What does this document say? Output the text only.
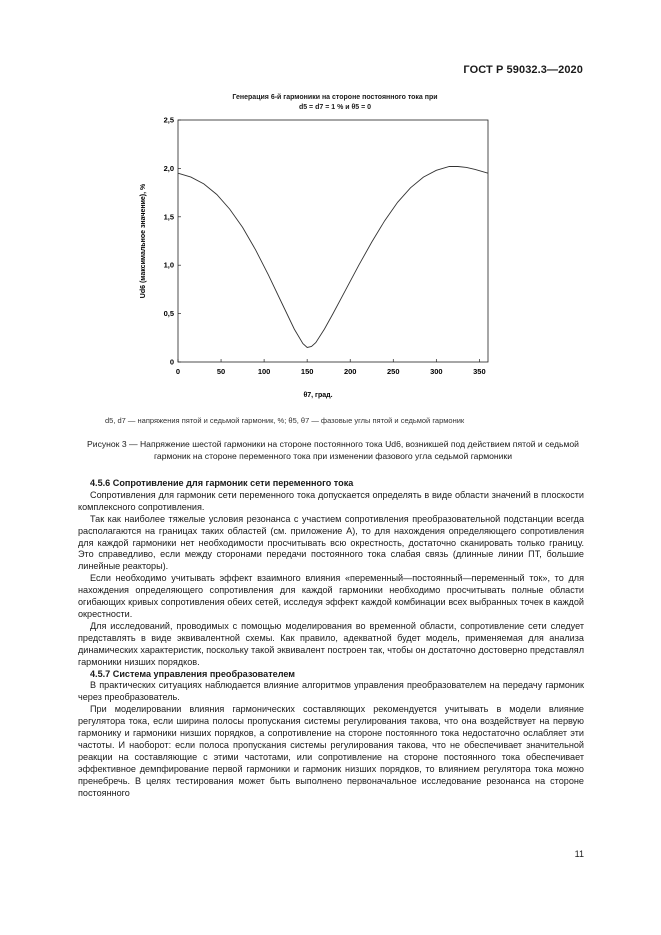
ГОСТ Р 59032.3—2020
Генерация 6-й гармоники на стороне постоянного тока при
d5 = d7 = 1 % и θ5 = 0
0	50	100	150	200	250	300	350
0
0,5
1,0
1,5
2,0
2,5
θ7, град.
Ud6 (максимальное значение), %
d5, d7 — напряжения пятой и седьмой гармоник, %; θ5, θ7 — фазовые углы пятой и седьмой гармоник
Рисунок 3 — Напряжение шестой гармоники на стороне постоянного тока Ud6, возникшей под действием пятой и седьмой гармоник на стороне переменного тока при изменении фазового угла седьмой гармоники
4.5.6 Сопротивление для гармоник сети переменного тока

Сопротивления для гармоник сети переменного тока допускается определять в виде области значений в плоскости комплексного сопротивления.

Так как наиболее тяжелые условия резонанса с участием сопротивления преобразовательной подстанции всегда располагаются на границах таких областей (см. приложение А), то для нахождения определяющего сопротивления для каждой гармоники нет необходимости просчитывать всю окрестность, достаточно сканировать только границу. Это справедливо, если между сторонами передачи постоянного тока слабая связь (длинные линии ПТ, большие линейные реакторы).

Если необходимо учитывать эффект взаимного влияния «переменный—постоянный—переменный ток», то для нахождения определяющего сопротивления для каждой гармоники необходимо просчитывать полные области огибающих кривых сопротивления обеих сетей, исследуя эффект каждой комбинации всех выбранных точек в каждой окрестности.

Для исследований, проводимых с помощью моделирования во временной области, сопротивление сети следует представлять в виде эквивалентной схемы. Как правило, адекватной будет модель, применяемая для анализа динамических характеристик, поскольку такой эквивалент построен так, чтобы он достаточно достоверно представлял гармоники низших порядков.

4.5.7 Система управления преобразователем

В практических ситуациях наблюдается влияние алгоритмов управления преобразователем на передачу гармоник через преобразователь.

При моделировании влияния гармонических составляющих рекомендуется учитывать в модели влияние регулятора тока, если ширина полосы пропускания системы регулирования такова, что она воздействует на первую гармонику и гармоники низших порядков, а сопротивление на стороне постоянного тока недостаточно ослабляет эти частоты. И наоборот: если полоса пропускания системы регулирования такова, что не обеспечивает значительной реакции на составляющие с этими частотами, или сопротивление на стороне постоянного тока обеспечивает эффективное демпфирование первой гармоники и гармоник низших порядков, то влиянием регулятора тока можно пренебречь. В целях тестирования может быть выполнено первоначальное исследование резонанса на стороне постоянного

11
